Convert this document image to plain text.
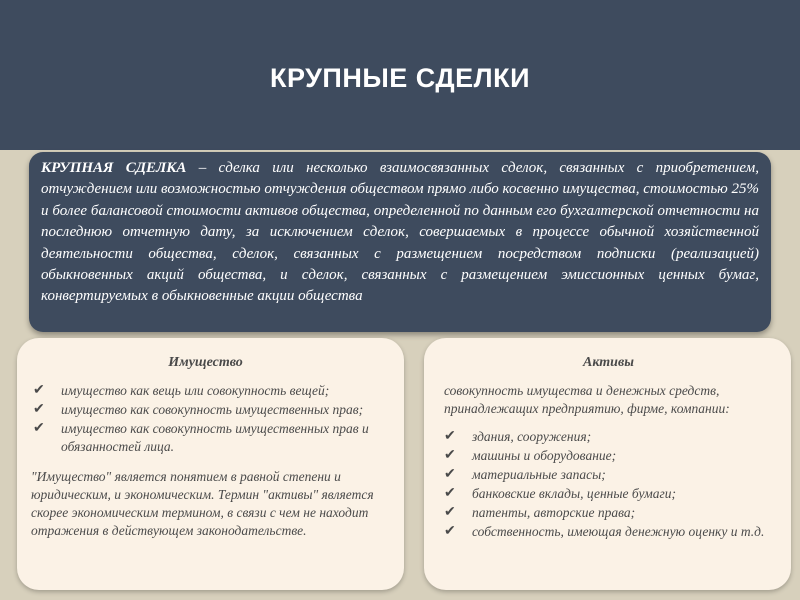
КРУПНЫЕ СДЕЛКИ
КРУПНАЯ СДЕЛКА – сделка или несколько взаимосвязанных сделок, связанных с приобретением, отчуждением или возможностью отчуждения обществом прямо либо косвенно имущества, стоимостью 25% и более балансовой стоимости активов общества, определенной по данным его бухгалтерской отчетности на последнюю отчетную дату, за исключением сделок, совершаемых в процессе обычной хозяйственной деятельности общества, сделок, связанных с размещением посредством подписки (реализацией) обыкновенных акций общества, и сделок, связанных с размещением эмиссионных ценных бумаг, конвертируемых в обыкновенные акции общества
Имущество
✔ имущество как вещь или совокупность вещей;
✔ имущество как совокупность имущественных прав;
✔ имущество как совокупность имущественных прав и обязанностей лица.
"Имущество" является понятием в равной степени и юридическим, и экономическим. Термин "активы" является скорее экономическим термином, в связи с чем не находит отражения в действующем законодательстве.
Активы
совокупность имущества и денежных средств, принадлежащих предприятию, фирме, компании:
✔ здания, сооружения;
✔ машины и оборудование;
✔ материальные запасы;
✔ банковские вклады, ценные бумаги;
✔ патенты, авторские права;
✔ собственность, имеющая денежную оценку и т.д.
